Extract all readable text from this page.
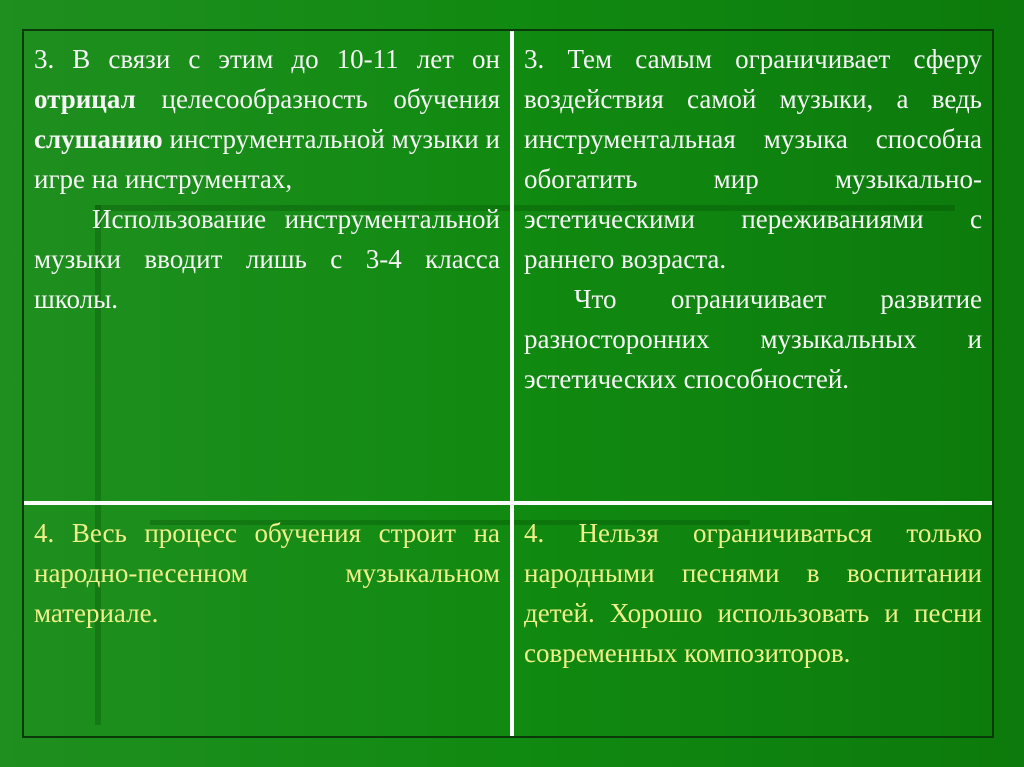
3. В связи с этим до 10-11 лет он отрицал целесообразность обучения слушанию инструментальной музыки и игре на инструментах,
Использование инструментальной музыки вводит лишь с 3-4 класса школы.
3. Тем самым ограничивает сферу воздействия самой музыки, а ведь инструментальная музыка способна обогатить мир музыкально-эстетическими переживаниями с раннего возраста.
Что ограничивает развитие разносторонних музыкальных и эстетических способностей.
4. Весь процесс обучения строит на народно-песенном музыкальном материале.
4. Нельзя ограничиваться только народными песнями в воспитании детей. Хорошо использовать и песни современных композиторов.
